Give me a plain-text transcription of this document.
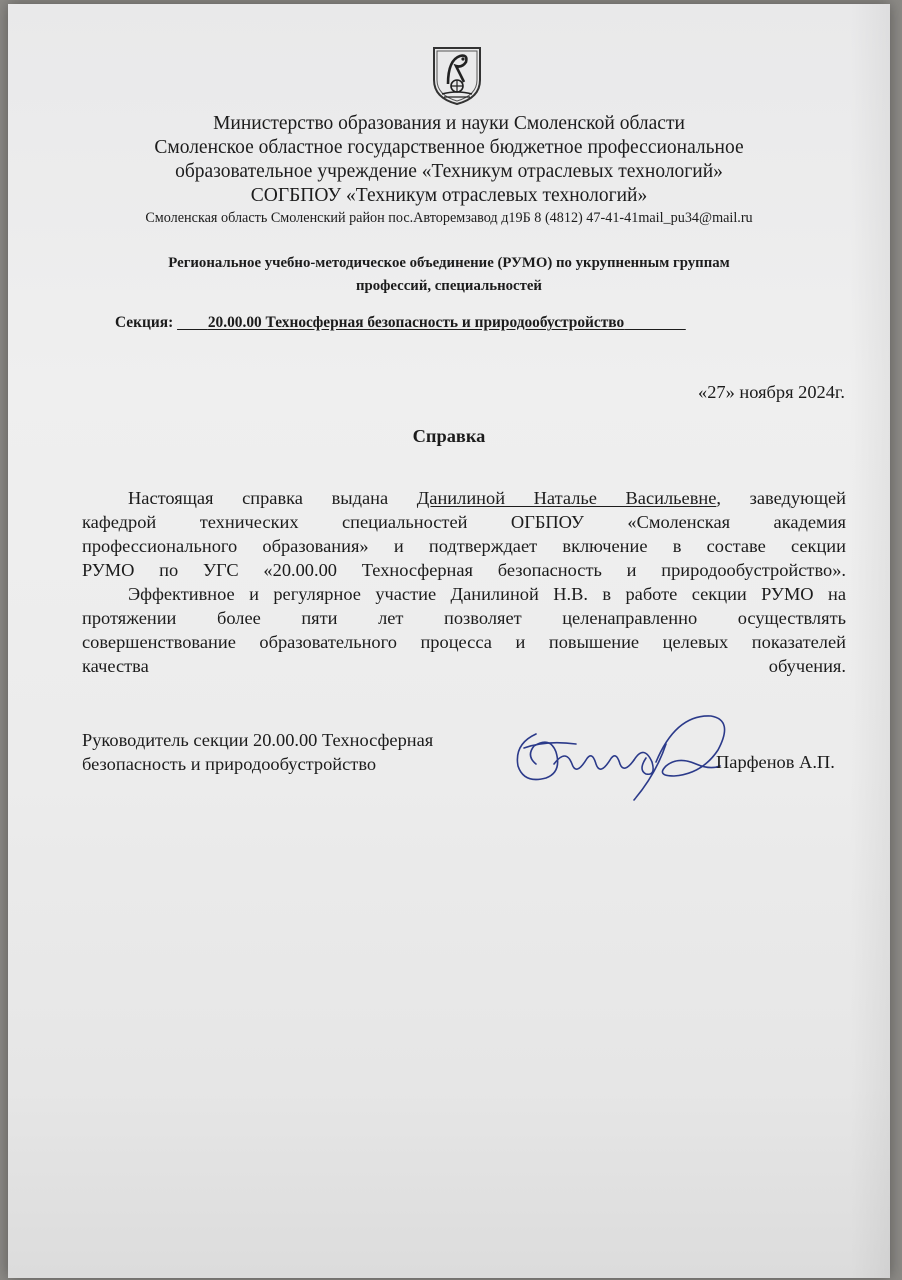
Министерство образования и науки Смоленской области
Смоленское областное государственное бюджетное профессиональное
образовательное учреждение «Техникум отраслевых технологий»
СОГБПОУ «Техникум отраслевых технологий»
Смоленская область Смоленский район пос.Авторемзавод д19Б 8 (4812) 47-41-41mail_pu34@mail.ru
Региональное учебно-методическое объединение (РУМО) по укрупненным группам
профессий, специальностей
Секция: 20.00.00 Техносферная безопасность и природообустройство
«27» ноября 2024г.
Справка
Настоящая справка выдана Данилиной Наталье Васильевне, заведующей
кафедрой технических специальностей ОГБПОУ «Смоленская академия
профессионального образования» и подтверждает включение в составе секции
РУМО по УГС «20.00.00 Техносферная безопасность и природообустройство».
Эффективное и регулярное участие Данилиной Н.В. в работе секции РУМО на
протяжении более пяти лет позволяет целенаправленно осуществлять
совершенствование образовательного процесса и повышение целевых показателей
качества обучения.
Руководитель секции 20.00.00 Техносферная
безопасность и природообустройство	Парфенов А.П.
